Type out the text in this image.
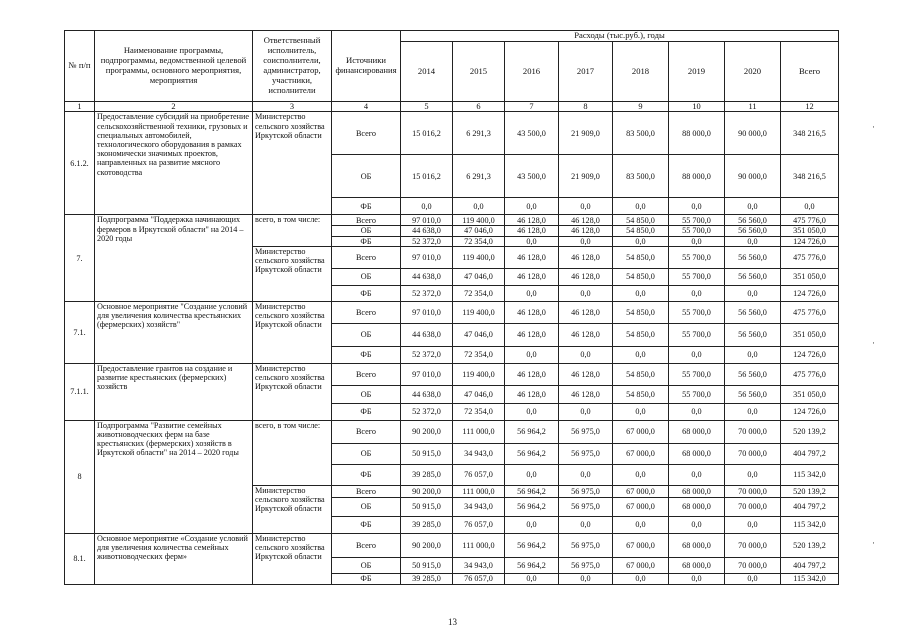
№ п/п	Наименование программы, подпрограммы, ведомственной целевой программы, основного мероприятия, мероприятия	Ответственный исполнитель, соисполнители, администратор, участники, исполнители	Источники финансирования	Расходы (тыс.руб.), годы							
				2014	2015	2016	2017	2018	2019	2020	Всего
1	2	3	4	5	6	7	8	9	10	11	12
6.1.2.	Предоставление субсидий на приобретение сельскохозяйственной техники, грузовых и специальных автомобилей, технологического оборудования в рамках экономически значимых проектов, направленных на развитие мясного скотоводства	Министерство сельского хозяйства Иркутской области	Всего	15 016,2	6 291,3	43 500,0	21 909,0	83 500,0	88 000,0	90 000,0	348 216,5
			ОБ	15 016,2	6 291,3	43 500,0	21 909,0	83 500,0	88 000,0	90 000,0	348 216,5
			ФБ	0,0	0,0	0,0	0,0	0,0	0,0	0,0	0,0
7.	Подпрограмма "Поддержка начинающих фермеров в Иркутской области" на 2014 – 2020 годы	всего, в том числе:	Всего	97 010,0	119 400,0	46 128,0	46 128,0	54 850,0	55 700,0	56 560,0	475 776,0
			ОБ	44 638,0	47 046,0	46 128,0	46 128,0	54 850,0	55 700,0	56 560,0	351 050,0
			ФБ	52 372,0	72 354,0	0,0	0,0	0,0	0,0	0,0	124 726,0
		Министерство сельского хозяйства Иркутской области	Всего	97 010,0	119 400,0	46 128,0	46 128,0	54 850,0	55 700,0	56 560,0	475 776,0
			ОБ	44 638,0	47 046,0	46 128,0	46 128,0	54 850,0	55 700,0	56 560,0	351 050,0
			ФБ	52 372,0	72 354,0	0,0	0,0	0,0	0,0	0,0	124 726,0
7.1.	Основное мероприятие "Создание условий для увеличения количества крестьянских (фермерских) хозяйств"	Министерство сельского хозяйства Иркутской области	Всего	97 010,0	119 400,0	46 128,0	46 128,0	54 850,0	55 700,0	56 560,0	475 776,0
			ОБ	44 638,0	47 046,0	46 128,0	46 128,0	54 850,0	55 700,0	56 560,0	351 050,0
			ФБ	52 372,0	72 354,0	0,0	0,0	0,0	0,0	0,0	124 726,0
7.1.1.	Предоставление грантов на создание и развитие крестьянских (фермерских) хозяйств	Министерство сельского хозяйства Иркутской области	Всего	97 010,0	119 400,0	46 128,0	46 128,0	54 850,0	55 700,0	56 560,0	475 776,0
			ОБ	44 638,0	47 046,0	46 128,0	46 128,0	54 850,0	55 700,0	56 560,0	351 050,0
			ФБ	52 372,0	72 354,0	0,0	0,0	0,0	0,0	0,0	124 726,0
8	Подпрограмма "Развитие семейных животноводческих ферм на базе крестьянских (фермерских) хозяйств в Иркутской области" на 2014 – 2020 годы	всего, в том числе:	Всего	90 200,0	111 000,0	56 964,2	56 975,0	67 000,0	68 000,0	70 000,0	520 139,2
			ОБ	50 915,0	34 943,0	56 964,2	56 975,0	67 000,0	68 000,0	70 000,0	404 797,2
			ФБ	39 285,0	76 057,0	0,0	0,0	0,0	0,0	0,0	115 342,0
		Министерство сельского хозяйства Иркутской области	Всего	90 200,0	111 000,0	56 964,2	56 975,0	67 000,0	68 000,0	70 000,0	520 139,2
			ОБ	50 915,0	34 943,0	56 964,2	56 975,0	67 000,0	68 000,0	70 000,0	404 797,2
			ФБ	39 285,0	76 057,0	0,0	0,0	0,0	0,0	0,0	115 342,0
8.1.	Основное мероприятие «Создание условий для увеличения количества семейных животноводческих ферм»	Министерство сельского хозяйства Иркутской области	Всего	90 200,0	111 000,0	56 964,2	56 975,0	67 000,0	68 000,0	70 000,0	520 139,2
			ОБ	50 915,0	34 943,0	56 964,2	56 975,0	67 000,0	68 000,0	70 000,0	404 797,2
			ФБ	39 285,0	76 057,0	0,0	0,0	0,0	0,0	0,0	115 342,0
·
·
·
13
